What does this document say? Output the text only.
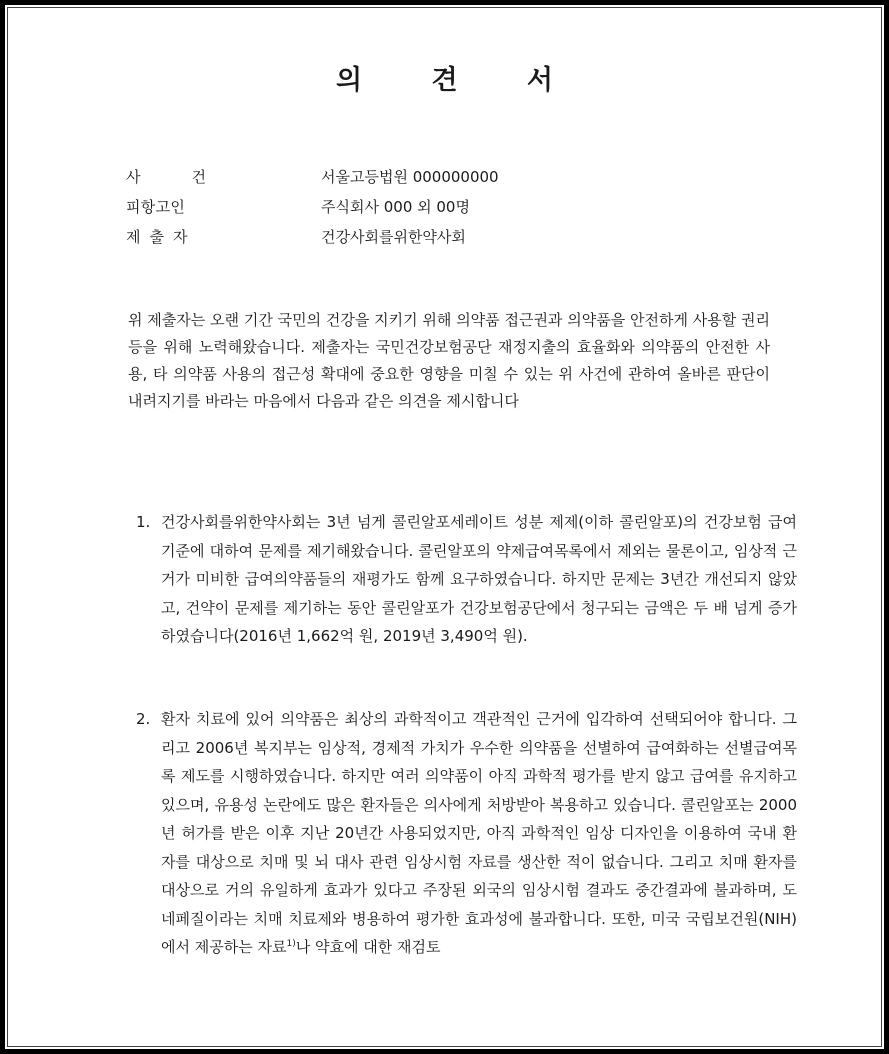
의 견 서
사건	서울고등법원 000000000
피항고인	주식회사 000 외 00명
제출자	건강사회를위한약사회

위 제출자는 오랜 기간 국민의 건강을 지키기 위해 의약품 접근권과 의약품을 안전하게 사용할 권리 등을 위해 노력해왔습니다. 제출자는 국민건강보험공단 재정지출의 효율화와 의약품의 안전한 사용, 타 의약품 사용의 접근성 확대에 중요한 영향을 미칠 수 있는 위 사건에 관하여 올바른 판단이 내려지기를 바라는 마음에서 다음과 같은 의견을 제시합니다

1. 건강사회를위한약사회는 3년 넘게 콜린알포세레이트 성분 제제(이하 콜린알포)의 건강보험 급여기준에 대하여 문제를 제기해왔습니다. 콜린알포의 약제급여목록에서 제외는 물론이고, 임상적 근거가 미비한 급여의약품들의 재평가도 함께 요구하였습니다. 하지만 문제는 3년간 개선되지 않았고, 건약이 문제를 제기하는 동안 콜린알포가 건강보험공단에서 청구되는 금액은 두 배 넘게 증가하였습니다(2016년 1,662억 원, 2019년 3,490억 원).

2. 환자 치료에 있어 의약품은 최상의 과학적이고 객관적인 근거에 입각하여 선택되어야 합니다. 그리고 2006년 복지부는 임상적, 경제적 가치가 우수한 의약품을 선별하여 급여화하는 선별급여목록 제도를 시행하였습니다. 하지만 여러 의약품이 아직 과학적 평가를 받지 않고 급여를 유지하고 있으며, 유용성 논란에도 많은 환자들은 의사에게 처방받아 복용하고 있습니다. 콜린알포는 2000년 허가를 받은 이후 지난 20년간 사용되었지만, 아직 과학적인 임상 디자인을 이용하여 국내 환자를 대상으로 치매 및 뇌 대사 관련 임상시험 자료를 생산한 적이 없습니다. 그리고 치매 환자를 대상으로 거의 유일하게 효과가 있다고 주장된 외국의 임상시험 결과도 중간결과에 불과하며, 도네페질이라는 치매 치료제와 병용하여 평가한 효과성에 불과합니다. 또한, 미국 국립보건원(NIH)에서 제공하는 자료$^{1)}$나 약효에 대한 재검토
